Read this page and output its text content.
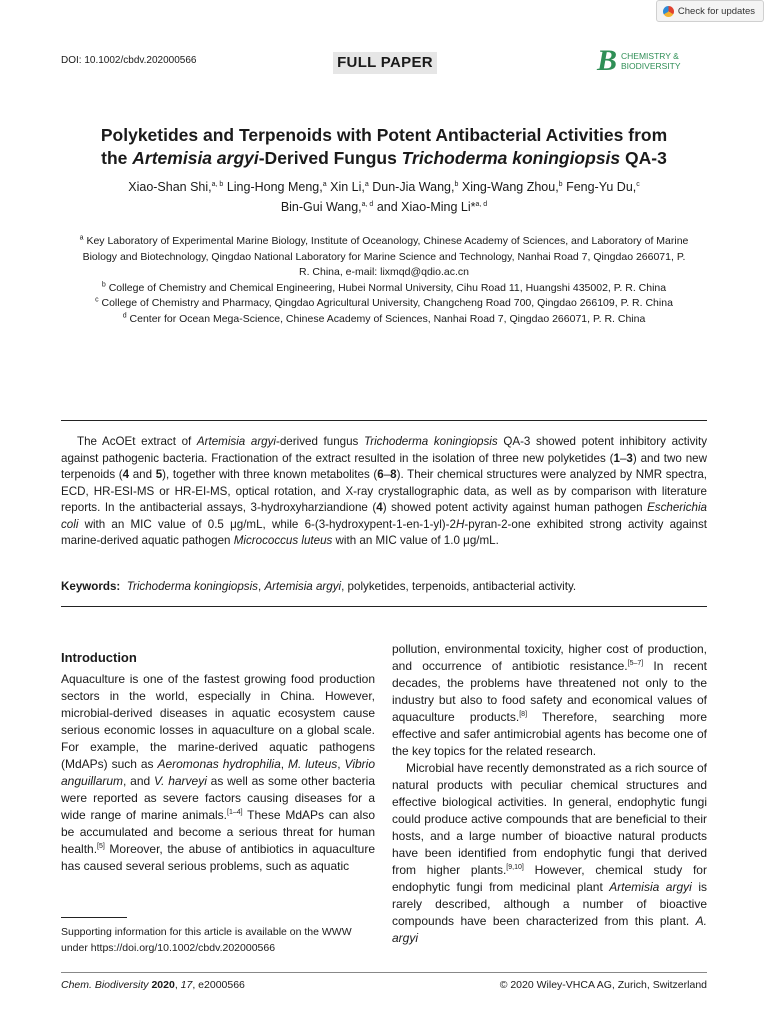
Check for updates
DOI: 10.1002/cbdv.202000566	FULL PAPER	B CHEMISTRY &
BIODIVERSITY
Polyketides and Terpenoids with Potent Antibacterial Activities from
the Artemisia argyi-Derived Fungus Trichoderma koningiopsis QA-3
Xiao-Shan Shi,$^{a, b}$ Ling-Hong Meng,$^a$ Xin Li,$^a$ Dun-Jia Wang,$^b$ Xing-Wang Zhou,$^b$ Feng-Yu Du,$^c$
Bin-Gui Wang,$^{a, d}$ and Xiao-Ming Li*$^{a, d}$

$^a$ Key Laboratory of Experimental Marine Biology, Institute of Oceanology, Chinese Academy of Sciences, and Laboratory of Marine Biology and Biotechnology, Qingdao National Laboratory for Marine Science and Technology, Nanhai Road 7, Qingdao 266071, P. R. China, e-mail: lixmqd@qdio.ac.cn

$^b$ College of Chemistry and Chemical Engineering, Hubei Normal University, Cihu Road 11, Huangshi 435002, P. R. China

$^c$ College of Chemistry and Pharmacy, Qingdao Agricultural University, Changcheng Road 700, Qingdao 266109, P. R. China

$^d$ Center for Ocean Mega-Science, Chinese Academy of Sciences, Nanhai Road 7, Qingdao 266071, P. R. China

The AcOEt extract of Artemisia argyi-derived fungus Trichoderma koningiopsis QA-3 showed potent inhibitory activity against pathogenic bacteria. Fractionation of the extract resulted in the isolation of three new polyketides (1–3) and two new terpenoids (4 and 5), together with three known metabolites (6–8). Their chemical structures were analyzed by NMR spectra, ECD, HR-ESI-MS or HR-EI-MS, optical rotation, and X-ray crystallographic data, as well as by comparison with literature reports. In the antibacterial assays, 3-hydroxyharziandione (4) showed potent activity against human pathogen Escherichia coli with an MIC value of 0.5 μg/mL, while 6-(3-hydroxypent-1-en-1-yl)-2H-pyran-2-one exhibited strong activity against marine-derived aquatic pathogen Micrococcus luteus with an MIC value of 1.0 μg/mL.
Keywords: Trichoderma koningiopsis, Artemisia argyi, polyketides, terpenoids, antibacterial activity.
Introduction

Aquaculture is one of the fastest growing food production sectors in the world, especially in China. However, microbial-derived diseases in aquatic ecosystem cause serious economic losses in aquaculture on a global scale. For example, the marine-derived aquatic pathogens (MdAPs) such as Aeromonas hydrophilia, M. luteus, Vibrio anguillarum, and V. harveyi as well as some other bacteria were reported as severe factors causing diseases for a wide range of marine animals.[1–4] These MdAPs can also be accumulated and become a serious threat for human health.[5] Moreover, the abuse of antibiotics in aquaculture has caused several serious problems, such as aquatic

pollution, environmental toxicity, higher cost of production, and occurrence of antibiotic resistance.[5–7] In recent decades, the problems have threatened not only to the industry but also to food safety and economical values of aquaculture products.[8] Therefore, searching more effective and safer antimicrobial agents has become one of the key topics for the related research.

Microbial have recently demonstrated as a rich source of natural products with peculiar chemical structures and effective biological activities. In general, endophytic fungi could produce active compounds that are beneficial to their hosts, and a large number of bioactive natural products have been identified from endophytic fungi that derived from higher plants.[9,10] However, chemical study for endophytic fungi from medicinal plant Artemisia argyi is rarely described, although a number of bioactive compounds have been characterized from this plant. A. argyi

Supporting information for this article is available on the WWW under https://doi.org/10.1002/cbdv.202000566
Chem. Biodiversity 2020, 17, e2000566	© 2020 Wiley-VHCA AG, Zurich, Switzerland
